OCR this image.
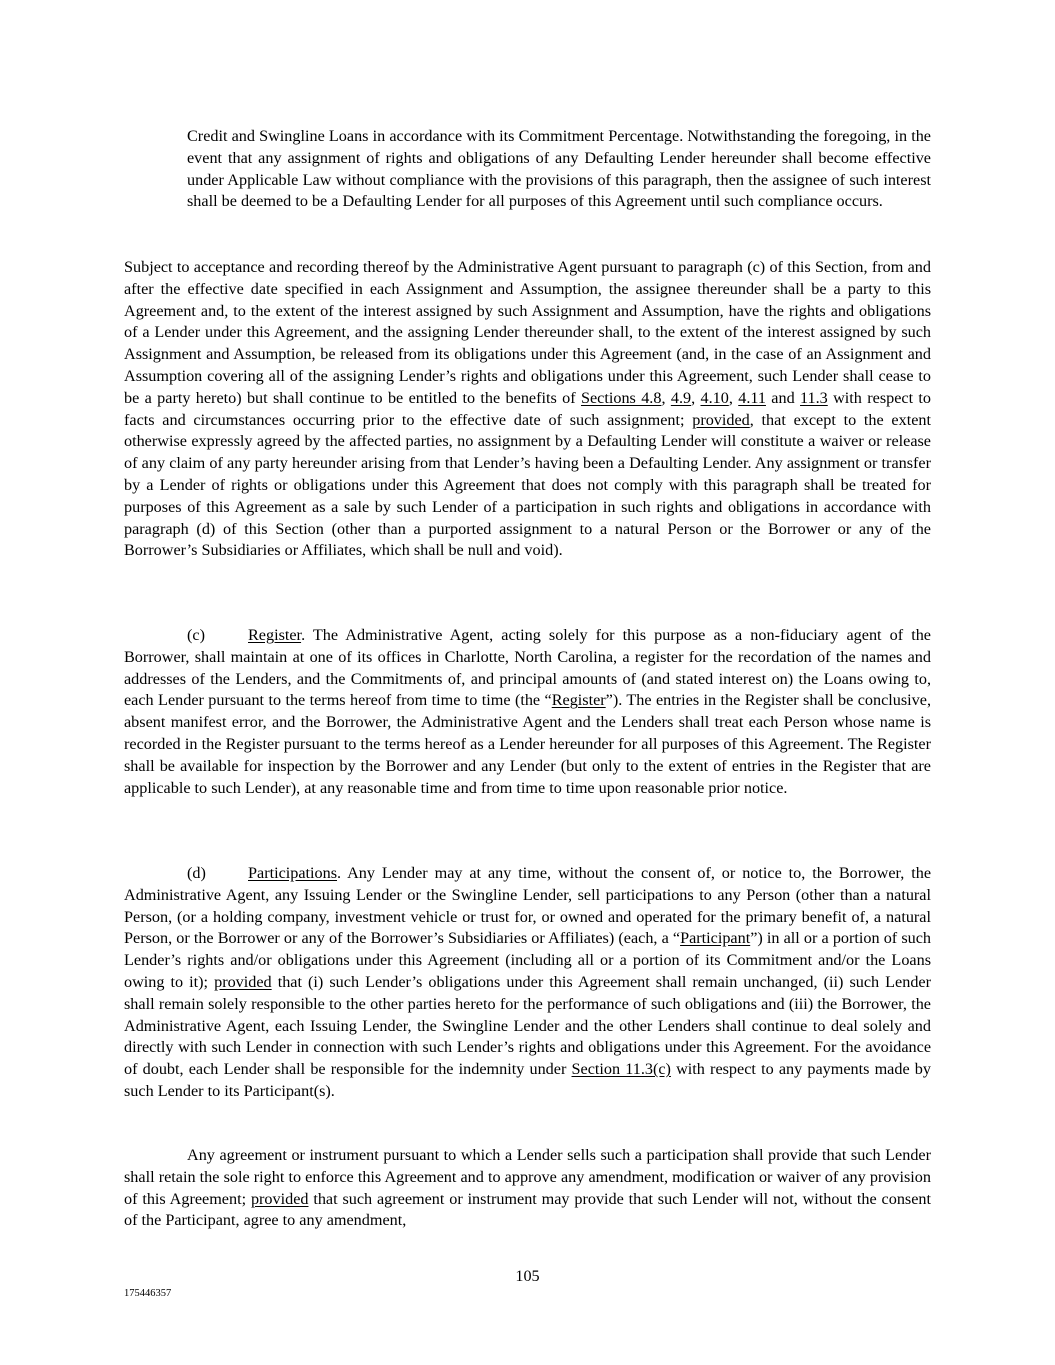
Credit and Swingline Loans in accordance with its Commitment Percentage. Notwithstanding the foregoing, in the event that any assignment of rights and obligations of any Defaulting Lender hereunder shall become effective under Applicable Law without compliance with the provisions of this paragraph, then the assignee of such interest shall be deemed to be a Defaulting Lender for all purposes of this Agreement until such compliance occurs.

Subject to acceptance and recording thereof by the Administrative Agent pursuant to paragraph (c) of this Section, from and after the effective date specified in each Assignment and Assumption, the assignee thereunder shall be a party to this Agreement and, to the extent of the interest assigned by such Assignment and Assumption, have the rights and obligations of a Lender under this Agreement, and the assigning Lender thereunder shall, to the extent of the interest assigned by such Assignment and Assumption, be released from its obligations under this Agreement (and, in the case of an Assignment and Assumption covering all of the assigning Lender’s rights and obligations under this Agreement, such Lender shall cease to be a party hereto) but shall continue to be entitled to the benefits of Sections 4.8, 4.9, 4.10, 4.11 and 11.3 with respect to facts and circumstances occurring prior to the effective date of such assignment; provided, that except to the extent otherwise expressly agreed by the affected parties, no assignment by a Defaulting Lender will constitute a waiver or release of any claim of any party hereunder arising from that Lender’s having been a Defaulting Lender. Any assignment or transfer by a Lender of rights or obligations under this Agreement that does not comply with this paragraph shall be treated for purposes of this Agreement as a sale by such Lender of a participation in such rights and obligations in accordance with paragraph (d) of this Section (other than a purported assignment to a natural Person or the Borrower or any of the Borrower’s Subsidiaries or Affiliates, which shall be null and void).

(c)	Register. The Administrative Agent, acting solely for this purpose as a non-fiduciary agent of the Borrower, shall maintain at one of its offices in Charlotte, North Carolina, a register for the recordation of the names and addresses of the Lenders, and the Commitments of, and principal amounts of (and stated interest on) the Loans owing to, each Lender pursuant to the terms hereof from time to time (the “Register”). The entries in the Register shall be conclusive, absent manifest error, and the Borrower, the Administrative Agent and the Lenders shall treat each Person whose name is recorded in the Register pursuant to the terms hereof as a Lender hereunder for all purposes of this Agreement. The Register shall be available for inspection by the Borrower and any Lender (but only to the extent of entries in the Register that are applicable to such Lender), at any reasonable time and from time to time upon reasonable prior notice.

(d)	Participations. Any Lender may at any time, without the consent of, or notice to, the Borrower, the Administrative Agent, any Issuing Lender or the Swingline Lender, sell participations to any Person (other than a natural Person, (or a holding company, investment vehicle or trust for, or owned and operated for the primary benefit of, a natural Person, or the Borrower or any of the Borrower’s Subsidiaries or Affiliates) (each, a “Participant”) in all or a portion of such Lender’s rights and/or obligations under this Agreement (including all or a portion of its Commitment and/or the Loans owing to it); provided that (i) such Lender’s obligations under this Agreement shall remain unchanged, (ii) such Lender shall remain solely responsible to the other parties hereto for the performance of such obligations and (iii) the Borrower, the Administrative Agent, each Issuing Lender, the Swingline Lender and the other Lenders shall continue to deal solely and directly with such Lender in connection with such Lender’s rights and obligations under this Agreement. For the avoidance of doubt, each Lender shall be responsible for the indemnity under Section 11.3(c) with respect to any payments made by such Lender to its Participant(s).

Any agreement or instrument pursuant to which a Lender sells such a participation shall provide that such Lender shall retain the sole right to enforce this Agreement and to approve any amendment, modification or waiver of any provision of this Agreement; provided that such agreement or instrument may provide that such Lender will not, without the consent of the Participant, agree to any amendment,

105
175446357
